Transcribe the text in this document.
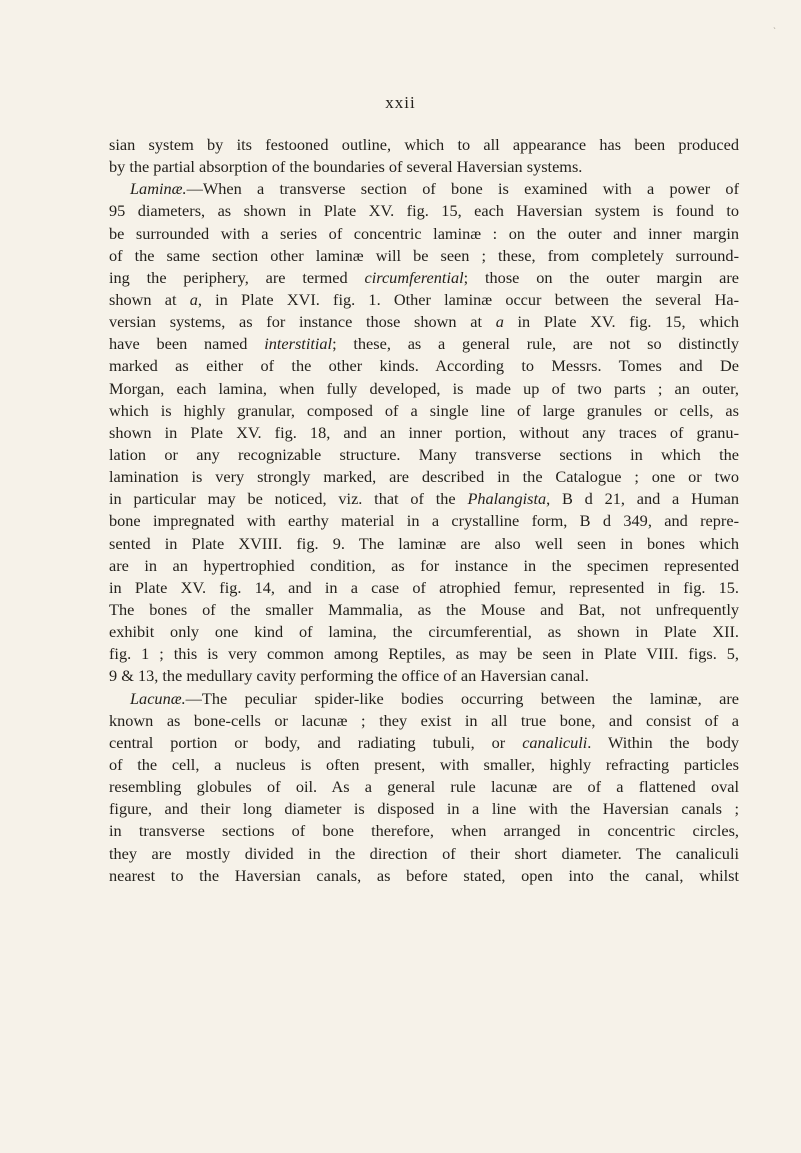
ˎ
xxii
sian system by its festooned outline, which to all appearance has been produced
by the partial absorption of the boundaries of several Haversian systems.
Laminæ.—When a transverse section of bone is examined with a power of
95 diameters, as shown in Plate XV. fig. 15, each Haversian system is found to
be surrounded with a series of concentric laminæ : on the outer and inner margin
of the same section other laminæ will be seen ; these, from completely surround-
ing the periphery, are termed circumferential; those on the outer margin are
shown at a, in Plate XVI. fig. 1. Other laminæ occur between the several Ha-
versian systems, as for instance those shown at a in Plate XV. fig. 15, which
have been named interstitial; these, as a general rule, are not so distinctly
marked as either of the other kinds. According to Messrs. Tomes and De
Morgan, each lamina, when fully developed, is made up of two parts ; an outer,
which is highly granular, composed of a single line of large granules or cells, as
shown in Plate XV. fig. 18, and an inner portion, without any traces of granu-
lation or any recognizable structure. Many transverse sections in which the
lamination is very strongly marked, are described in the Catalogue ; one or two
in particular may be noticed, viz. that of the Phalangista, B d 21, and a Human
bone impregnated with earthy material in a crystalline form, B d 349, and repre-
sented in Plate XVIII. fig. 9. The laminæ are also well seen in bones which
are in an hypertrophied condition, as for instance in the specimen represented
in Plate XV. fig. 14, and in a case of atrophied femur, represented in fig. 15.
The bones of the smaller Mammalia, as the Mouse and Bat, not unfrequently
exhibit only one kind of lamina, the circumferential, as shown in Plate XII.
fig. 1 ; this is very common among Reptiles, as may be seen in Plate VIII. figs. 5,
9 & 13, the medullary cavity performing the office of an Haversian canal.
Lacunæ.—The peculiar spider-like bodies occurring between the laminæ, are
known as bone-cells or lacunæ ; they exist in all true bone, and consist of a
central portion or body, and radiating tubuli, or canaliculi. Within the body
of the cell, a nucleus is often present, with smaller, highly refracting particles
resembling globules of oil. As a general rule lacunæ are of a flattened oval
figure, and their long diameter is disposed in a line with the Haversian canals ;
in transverse sections of bone therefore, when arranged in concentric circles,
they are mostly divided in the direction of their short diameter. The canaliculi
nearest to the Haversian canals, as before stated, open into the canal, whilst
